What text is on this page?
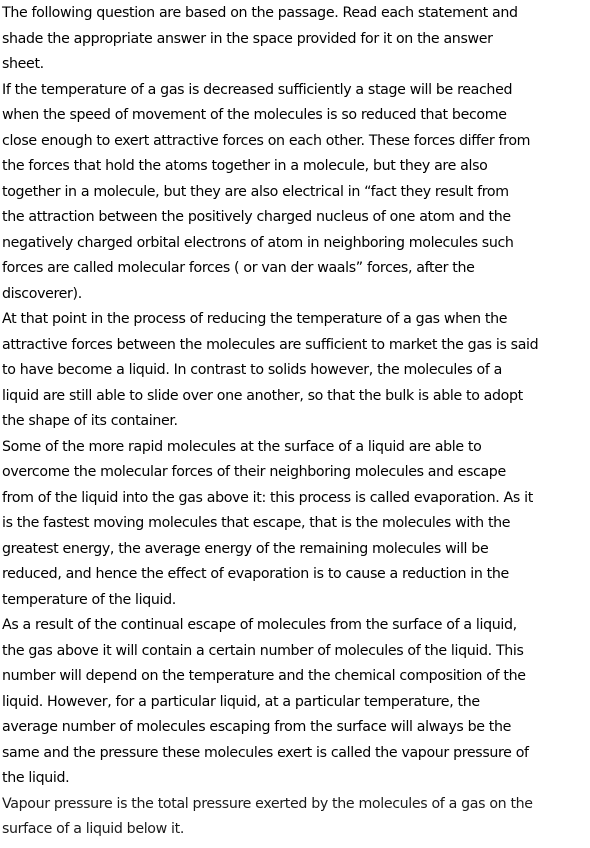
The following question are based on the passage. Read each statement and
shade the appropriate answer in the space provided for it on the answer
sheet.
If the temperature of a gas is decreased sufficiently a stage will be reached
when the speed of movement of the molecules is so reduced that become
close enough to exert attractive forces on each other. These forces differ from
the forces that hold the atoms together in a molecule, but they are also
together in a molecule, but they are also electrical in “fact they result from
the attraction between the positively charged nucleus of one atom and the
negatively charged orbital electrons of atom in neighboring molecules such
forces are called molecular forces ( or van der waals” forces, after the
discoverer).
At that point in the process of reducing the temperature of a gas when the
attractive forces between the molecules are sufficient to market the gas is said
to have become a liquid. In contrast to solids however, the molecules of a
liquid are still able to slide over one another, so that the bulk is able to adopt
the shape of its container.
Some of the more rapid molecules at the surface of a liquid are able to
overcome the molecular forces of their neighboring molecules and escape
from of the liquid into the gas above it: this process is called evaporation. As it
is the fastest moving molecules that escape, that is the molecules with the
greatest energy, the average energy of the remaining molecules will be
reduced, and hence the effect of evaporation is to cause a reduction in the
temperature of the liquid.
As a result of the continual escape of molecules from the surface of a liquid,
the gas above it will contain a certain number of molecules of the liquid. This
number will depend on the temperature and the chemical composition of the
liquid. However, for a particular liquid, at a particular temperature, the
average number of molecules escaping from the surface will always be the
same and the pressure these molecules exert is called the vapour pressure of
the liquid.
Vapour pressure is the total pressure exerted by the molecules of a gas on the
surface of a liquid below it.
